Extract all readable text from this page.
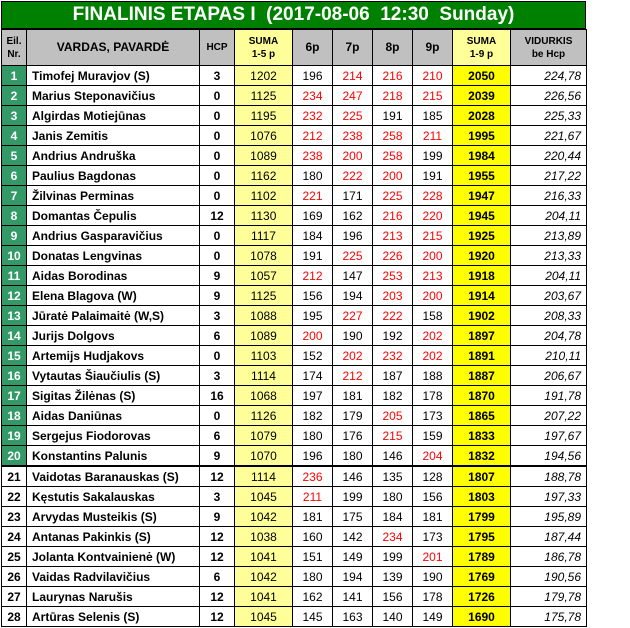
FINALINIS ETAPAS I  (2017-08-06  12:30  Sunday)
Eil.
Nr.	VARDAS, PAVARDĖ	HCP	SUMA
1-5 p	6p	7p	8p	9p	SUMA
1-9 p	VIDURKIS
be Hcp

1	Timofej Muravjov (S)	3	1202	196	214	216	210	2050	224,78
2	Marius Steponavičius	0	1125	234	247	218	215	2039	226,56
3	Algirdas Motiejūnas	0	1195	232	225	191	185	2028	225,33
4	Janis Zemitis	0	1076	212	238	258	211	1995	221,67
5	Andrius Andruška	0	1089	238	200	258	199	1984	220,44
6	Paulius Bagdonas	0	1162	180	222	200	191	1955	217,22
7	Žilvinas Perminas	0	1102	221	171	225	228	1947	216,33
8	Domantas Čepulis	12	1130	169	162	216	220	1945	204,11
9	Andrius Gasparavičius	0	1117	184	196	213	215	1925	213,89
10	Donatas Lengvinas	0	1078	191	225	226	200	1920	213,33
11	Aidas Borodinas	9	1057	212	147	253	213	1918	204,11
12	Elena Blagova (W)	9	1125	156	194	203	200	1914	203,67
13	Jūratė Palaimaitė (W,S)	3	1088	195	227	222	158	1902	208,33
14	Jurijs Dolgovs	6	1089	200	190	192	202	1897	204,78
15	Artemijs Hudjakovs	0	1103	152	202	232	202	1891	210,11
16	Vytautas Šiaučiulis (S)	3	1114	174	212	187	188	1887	206,67
17	Sigitas Žilėnas (S)	16	1068	197	181	182	178	1870	191,78
18	Aidas Daniūnas	0	1126	182	179	205	173	1865	207,22
19	Sergejus Fiodorovas	6	1079	180	176	215	159	1833	197,67
20	Konstantins Palunis	9	1070	196	180	146	204	1832	194,56
21	Vaidotas Baranauskas (S)	12	1114	236	146	135	128	1807	188,78
22	Kęstutis Sakalauskas	3	1045	211	199	180	156	1803	197,33
23	Arvydas Musteikis (S)	9	1042	181	175	184	181	1799	195,89
24	Antanas Pakinkis (S)	12	1038	160	142	234	173	1795	187,44
25	Jolanta Kontvainienė (W)	12	1041	151	149	199	201	1789	186,78
26	Vaidas Radvilavičius	6	1042	180	194	139	190	1769	190,56
27	Laurynas Narušis	12	1041	162	141	156	178	1726	179,78
28	Artūras Selenis (S)	12	1045	145	163	140	149	1690	175,78
